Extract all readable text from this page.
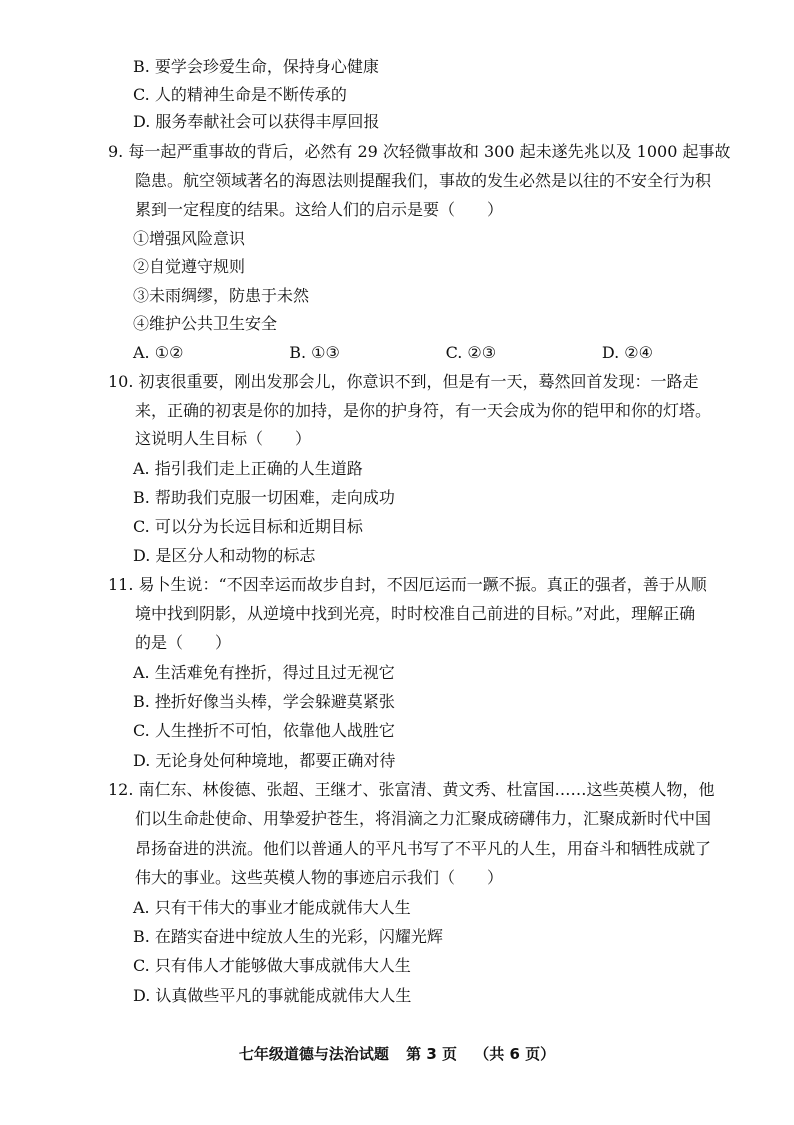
B. 要学会珍爱生命，保持身心健康
C. 人的精神生命是不断传承的
D. 服务奉献社会可以获得丰厚回报
9. 每一起严重事故的背后，必然有 29 次轻微事故和 300 起未遂先兆以及 1000 起事故
隐患。航空领域著名的海恩法则提醒我们，事故的发生必然是以往的不安全行为积
累到一定程度的结果。这给人们的启示是要（　　）
①增强风险意识
②自觉遵守规则
③未雨绸缪，防患于未然
④维护公共卫生安全
A. ①②	B. ①③	C. ②③	D. ②④
10. 初衷很重要，刚出发那会儿，你意识不到，但是有一天，蓦然回首发现：一路走
来，正确的初衷是你的加持，是你的护身符，有一天会成为你的铠甲和你的灯塔。
这说明人生目标（　　）
A. 指引我们走上正确的人生道路
B. 帮助我们克服一切困难，走向成功
C. 可以分为长远目标和近期目标
D. 是区分人和动物的标志
11. 易卜生说：“不因幸运而故步自封，不因厄运而一蹶不振。真正的强者，善于从顺
境中找到阴影，从逆境中找到光亮，时时校准自己前进的目标。”对此，理解正确
的是（　　）
A. 生活难免有挫折，得过且过无视它
B. 挫折好像当头棒，学会躲避莫紧张
C. 人生挫折不可怕，依靠他人战胜它
D. 无论身处何种境地，都要正确对待
12. 南仁东、林俊德、张超、王继才、张富清、黄文秀、杜富国……这些英模人物，他
们以生命赴使命、用挚爱护苍生，将涓滴之力汇聚成磅礴伟力，汇聚成新时代中国
昂扬奋进的洪流。他们以普通人的平凡书写了不平凡的人生，用奋斗和牺牲成就了
伟大的事业。这些英模人物的事迹启示我们（　　）
A. 只有干伟大的事业才能成就伟大人生
B. 在踏实奋进中绽放人生的光彩，闪耀光辉
C. 只有伟人才能够做大事成就伟大人生
D. 认真做些平凡的事就能成就伟大人生
七年级道德与法治试题 第 3 页 （共 6 页）
